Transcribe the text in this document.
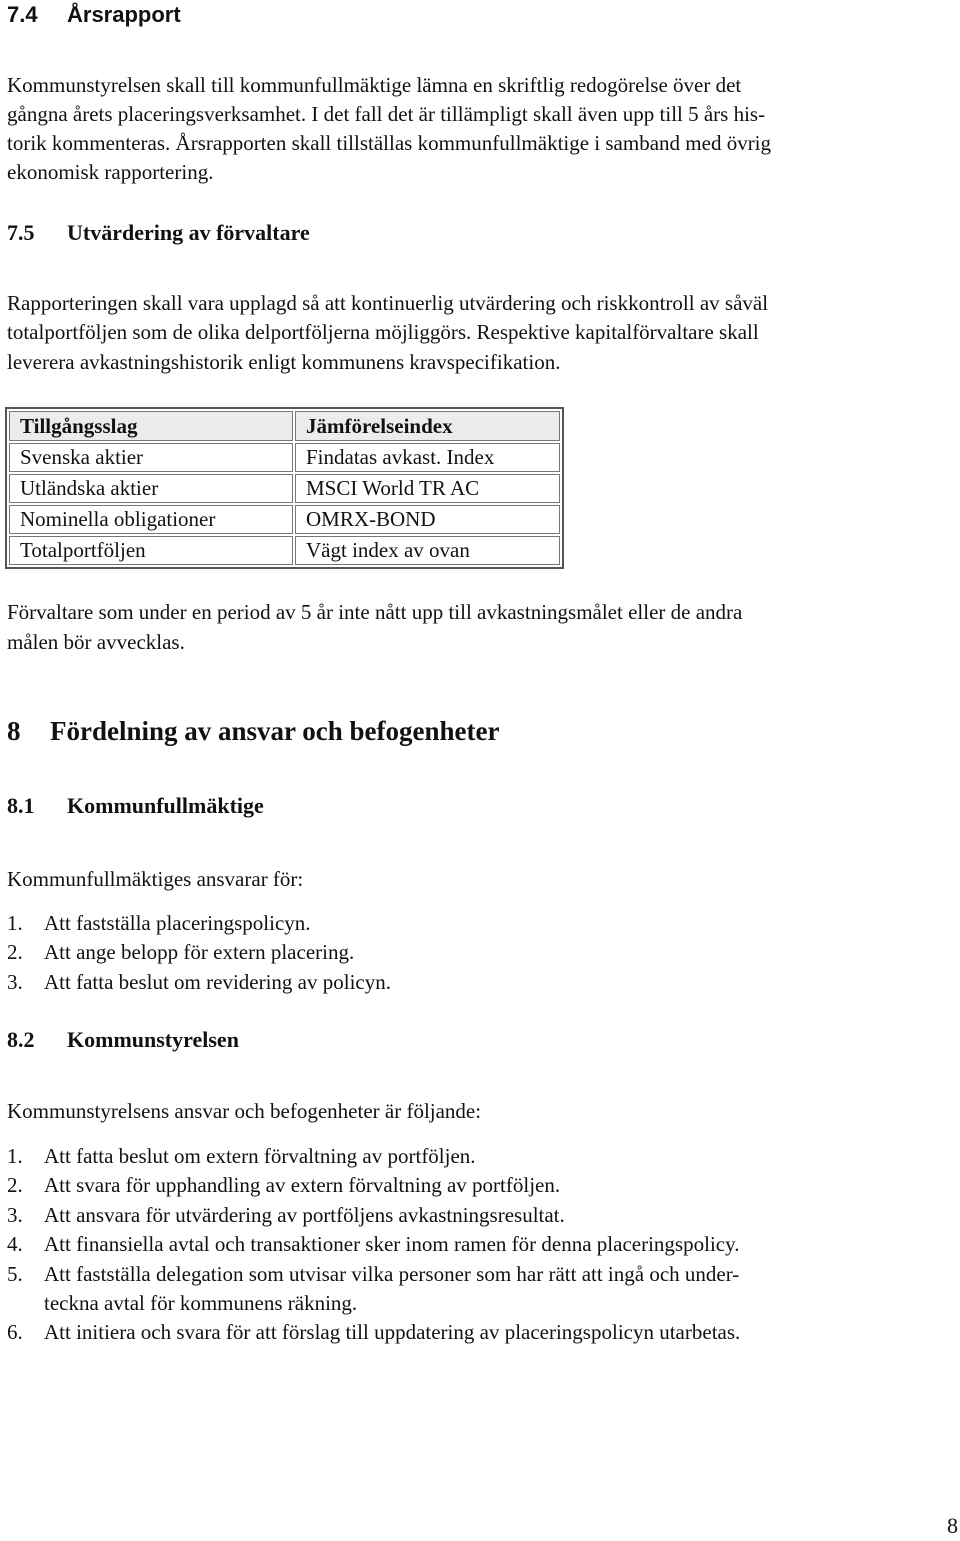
7.4 Årsrapport
Kommunstyrelsen skall till kommunfullmäktige lämna en skriftlig redogörelse över det
gångna årets placeringsverksamhet. I det fall det är tillämpligt skall även upp till 5 års his-
torik kommenteras. Årsrapporten skall tillställas kommunfullmäktige i samband med övrig
ekonomisk rapportering.
7.5 Utvärdering av förvaltare
Rapporteringen skall vara upplagd så att kontinuerlig utvärdering och riskkontroll av såväl
totalportföljen som de olika delportföljerna möjliggörs. Respektive kapitalförvaltare skall
leverera avkastningshistorik enligt kommunens kravspecifikation.
Tillgångsslag	Jämförelseindex
Svenska aktier	Findatas avkast. Index
Utländska aktier	MSCI World TR AC
Nominella obligationer	OMRX-BOND
Totalportföljen	Vägt index av ovan
Förvaltare som under en period av 5 år inte nått upp till avkastningsmålet eller de andra
målen bör avvecklas.
8 Fördelning av ansvar och befogenheter
8.1 Kommunfullmäktige
Kommunfullmäktiges ansvarar för:
1. Att fastställa placeringspolicyn.
2. Att ange belopp för extern placering.
3. Att fatta beslut om revidering av policyn.
8.2 Kommunstyrelsen
Kommunstyrelsens ansvar och befogenheter är följande:
1. Att fatta beslut om extern förvaltning av portföljen.
2. Att svara för upphandling av extern förvaltning av portföljen.
3. Att ansvara för utvärdering av portföljens avkastningsresultat.
4. Att finansiella avtal och transaktioner sker inom ramen för denna placeringspolicy.
5. Att fastställa delegation som utvisar vilka personer som har rätt att ingå och under-
teckna avtal för kommunens räkning.
6. Att initiera och svara för att förslag till uppdatering av placeringspolicyn utarbetas.
8
